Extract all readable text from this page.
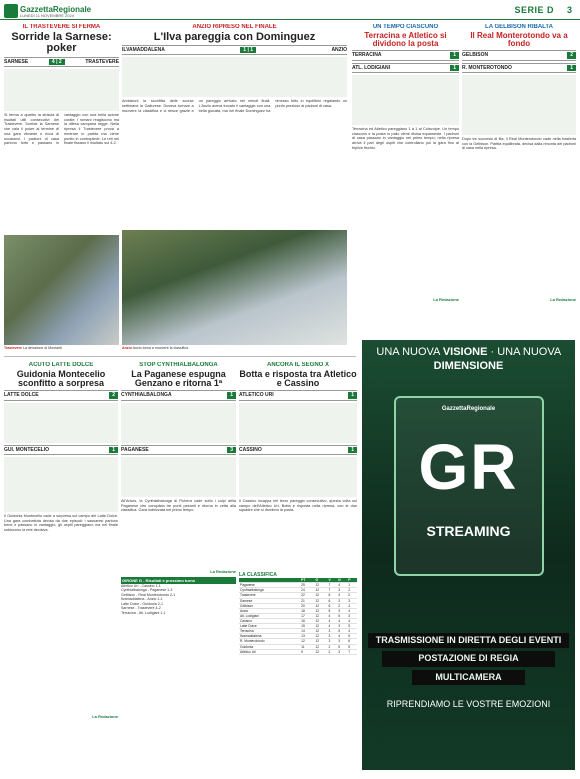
GazzettaRegionale
LUNEDÌ 11 NOVEMBRE 2024
SERIE D 3
IL TRASTEVERE SI FERMA
Sorride la Sarnese: poker
SARNESE	4 | 2	TRASTEVERE
Si ferma a quattro la striscia di risultati utili consecutivi del Trastevere. Sorride la Sarnese che cala il poker al termine di una gara vibrante e ricca di occasioni. I padroni di casa partono forte e passano in vantaggio con una bella azione corale; i romani reagiscono ma la difesa campana regge. Nella ripresa il Trastevere prova a rientrare in partita ma viene punito in contropiede. Le reti nel finale fissano il risultato sul 4-2.
ANZIO RIPRESO NEL FINALE
L'Ilva pareggia con Dominguez
ILVAMADDALENA	1 | 1	ANZIO
Ambizioni la sconfitta delle scorse settimane la Gallurese. Doveva tornare a muovere la classifica e ci riesce grazie a un pareggio arrivato nei minuti finali. L'Anzio aveva trovato il vantaggio con una bella giocata, ma nel finale Dominguez ha rimesso tutto in equilibrio regalando un punto prezioso ai padroni di casa.
Trastevere La delusione di Montanti	Anzio Anzio torna a muovere la classifica
UN TEMPO CIASCUNO
Terracina e Atletico si dividono la posta
TERRACINA	1
ATL. LODIGIANI	1
Terracina ed Atletico pareggiano 1 a 1 al Colavolpe. Un tempo ciascuno e la posta in palio viene divisa equamente. I padroni di casa passano in vantaggio nel primo tempo; nella ripresa arriva il pari degli ospiti che controllano poi la gara fino al triplice fischio.
La Redazione
LA GELBISON RIBALTA
Il Real Monterotondo va a fondo
GELBISON	2
R. MONTEROTONDO	1
Dopo tre successi di fila, il Real Monterotondo cade nella trasferta con la Gelbison. Partita equilibrata, decisa dalla rimonta dei padroni di casa nella ripresa.
La Redazione
ACUTO LATTE DOLCE
Guidonia Montecelio sconfitto a sorpresa
LATTE DOLCE	2
GUI. MONTECELIO	1
Il Guidonia Montecelio cade a sorpresa sul campo del Latte Dolce. Una gara combattuta decisa da due episodi: i sassaresi partono bene e passano in vantaggio, gli ospiti pareggiano ma nel finale subiscono la rete decisiva.
La Redazione
STOP CYNTHIALBALONGA
La Paganese espugna Genzano e ritorna 1ª
CYNTHIALBALONGA	1
PAGANESE	3
All'Arturo, la Cynthialbalonga di Fichera cade sotto i colpi della Paganese che conquista tre punti pesanti e ritorna in vetta alla classifica. Gara indirizzata nel primo tempo.
La Redazione
GIRONE G - Risultati e prossimo turno
Atletico Uri - Cassino 1-1
Cynthialbalonga - Paganese 1-3
Gelbison - Real Monterotondo 2-1
Ilvamaddalena - Anzio 1-1
Latte Dolce - Guidonia 2-1
Sarnese - Trastevere 4-2
Terracina - Atl. Lodigiani 1-1
ANCORA IL SEGNO X
Botta e risposta tra Atletico e Cassino
ATLETICO URI	1
CASSINO	1
Il Cassino incappa nel terzo pareggio consecutivo, questa volta sul campo dell'Atletico Uri. Botta e risposta nella ripresa, con le due squadre che si dividono la posta.
LA CLASSIFICA
	PT	G	V	N	P
Paganese	25	12	7	4	1
Cynthialbalonga	24	12	7	3	2
Trastevere	22	12	6	4	2
Sarnese	21	12	6	3	3
Gelbison	20	12	6	2	4
Anzio	18	12	5	3	4
Atl. Lodigiani	17	12	4	5	3
Cassino	16	12	4	4	4
Latte Dolce	15	12	4	3	5
Terracina	14	12	3	5	4
Ilvamaddalena	13	12	3	4	5
R. Monterotondo	12	12	3	3	6
Guidonia	11	12	2	5	5
Atletico Uri	9	12	2	3	7
UNA NUOVA VISIONE · UNA NUOVA DIMENSIONE
GazzettaRegionale
GR
STREAMING
TRASMISSIONE IN DIRETTA DEGLI EVENTI
POSTAZIONE DI REGIA
MULTICAMERA
RIPRENDIAMO LE VOSTRE EMOZIONI
